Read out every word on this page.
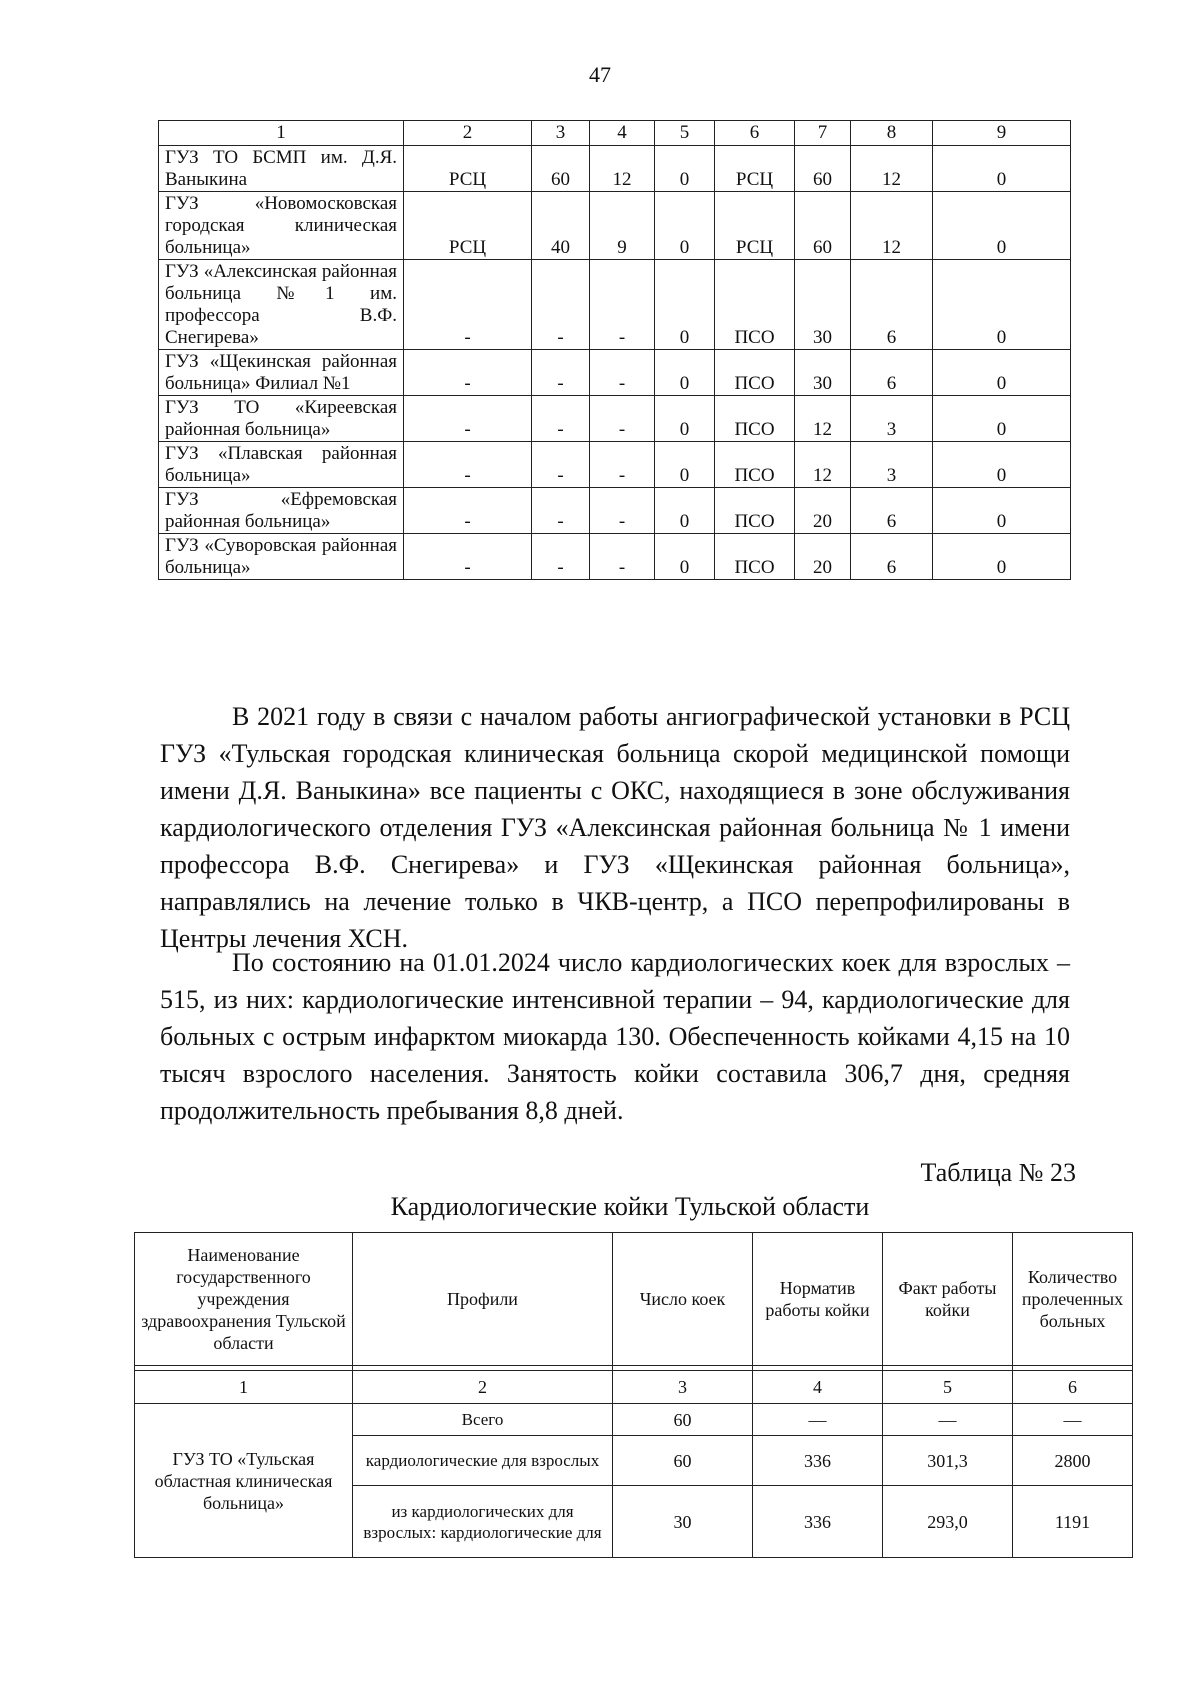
47
1	2	3	4	5	6	7	8	9
ГУЗ ТО БСМП им. Д.Я. Ваныкина	РСЦ	60	12	0	РСЦ	60	12	0
ГУЗ «Новомосковская городская клиническая больница»	РСЦ	40	9	0	РСЦ	60	12	0
ГУЗ «Алексинская районная больница №1 им. профессора В.Ф. Снегирева»	-	-	-	0	ПСО	30	6	0
ГУЗ «Щекинская районная больница» Филиал №1	-	-	-	0	ПСО	30	6	0
ГУЗ ТО «Киреевская районная больница»	-	-	-	0	ПСО	12	3	0
ГУЗ «Плавская районная больница»	-	-	-	0	ПСО	12	3	0
ГУЗ «Ефремовская районная больница»	-	-	-	0	ПСО	20	6	0
ГУЗ «Суворовская районная больница»	-	-	-	0	ПСО	20	6	0
В 2021 году в связи с началом работы ангиографической установки в РСЦ ГУЗ «Тульская городская клиническая больница скорой медицинской помощи имени Д.Я. Ваныкина» все пациенты с ОКС, находящиеся в зоне обслуживания кардиологического отделения ГУЗ «Алексинская районная больница № 1 имени профессора В.Ф. Снегирева» и ГУЗ «Щекинская районная больница», направлялись на лечение только в ЧКВ-центр, а ПСО перепрофилированы в Центры лечения ХСН.
По состоянию на 01.01.2024 число кардиологических коек для взрослых – 515, из них: кардиологические интенсивной терапии – 94, кардиологические для больных с острым инфарктом миокарда 130. Обеспеченность койками 4,15 на 10 тысяч взрослого населения. Занятость койки составила 306,7 дня, средняя продолжительность пребывания 8,8 дней.
Таблица № 23
Кардиологические койки Тульской области
Наименование государственного учреждения здравоохранения Тульской области	Профили	Число коек	Норматив работы койки	Факт работы койки	Количество пролеченных больных

1	2	3	4	5	6
ГУЗ ТО «Тульская областная клиническая больница»	Всего	60	—	—	—
	кардиологические для взрослых	60	336	301,3	2800
	из кардиологических для взрослых: кардиологические для	30	336	293,0	1191
